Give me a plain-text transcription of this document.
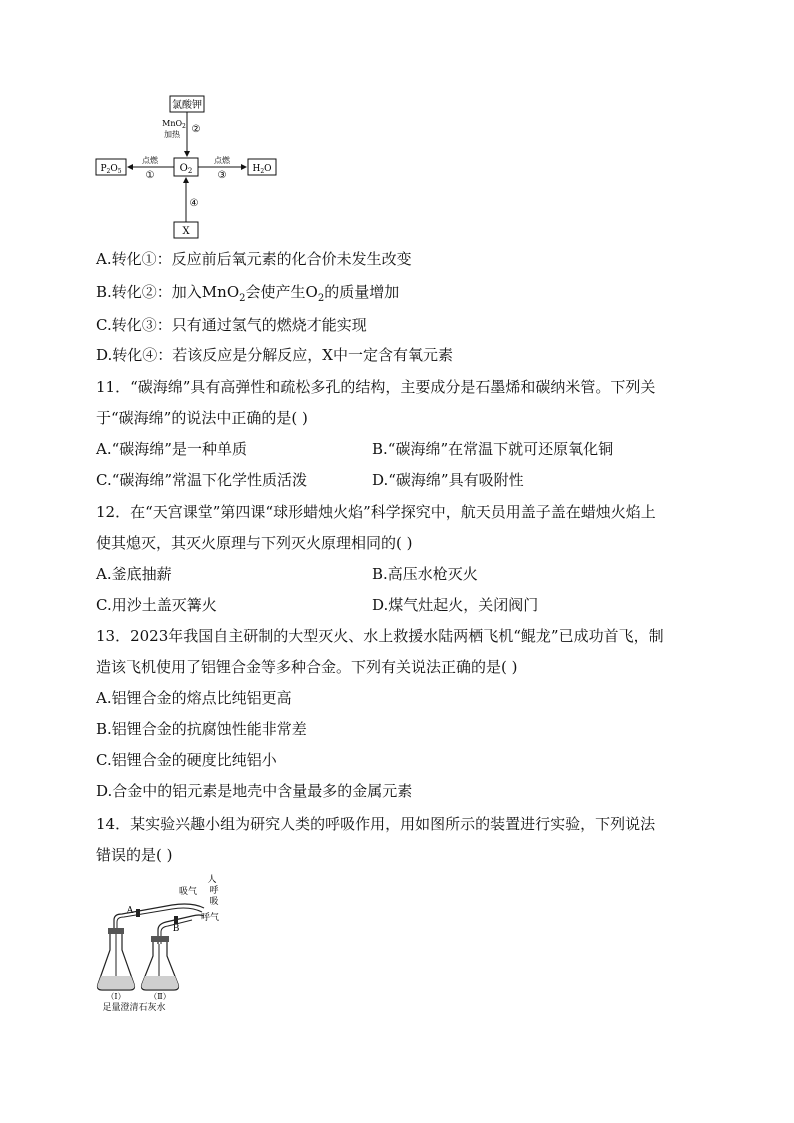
氯酸钾
$O_2$
$P_2O_5$	$H_2O$
X
MnO$_2$
加热 ②
点燃
①
点燃
③
④
A.转化①：反应前后氧元素的化合价未发生改变
B.转化②：加入MnO$_2$会使产生$O_2$的质量增加
C.转化③：只有通过氢气的燃烧才能实现
D.转化④：若该反应是分解反应，X中一定含有氧元素
11．“碳海绵”具有高弹性和疏松多孔的结构，主要成分是石墨烯和碳纳米管。下列关
于“碳海绵”的说法中正确的是( )
A.“碳海绵”是一种单质	B.“碳海绵”在常温下就可还原氧化铜
C.“碳海绵”常温下化学性质活泼	D.“碳海绵”具有吸附性
12．在“天宫课堂”第四课“球形蜡烛火焰”科学探究中，航天员用盖子盖在蜡烛火焰上
使其熄灭，其灭火原理与下列灭火原理相同的( )
A.釜底抽薪	B.高压水枪灭火
C.用沙土盖灭篝火	D.煤气灶起火，关闭阀门
13．2023年我国自主研制的大型灭火、水上救援水陆两栖飞机“鲲龙”已成功首飞，制
造该飞机使用了铝锂合金等多种合金。下列有关说法正确的是( )
A.铝锂合金的熔点比纯铝更高
B.铝锂合金的抗腐蚀性能非常差
C.铝锂合金的硬度比纯铝小
D.合金中的铝元素是地壳中含量最多的金属元素
14．某实验兴趣小组为研究人类的呼吸作用，用如图所示的装置进行实验，下列说法
错误的是( )
人
呼
吸
吸气
呼气
A
B
（Ⅰ）	（Ⅱ）
足量澄清石灰水
